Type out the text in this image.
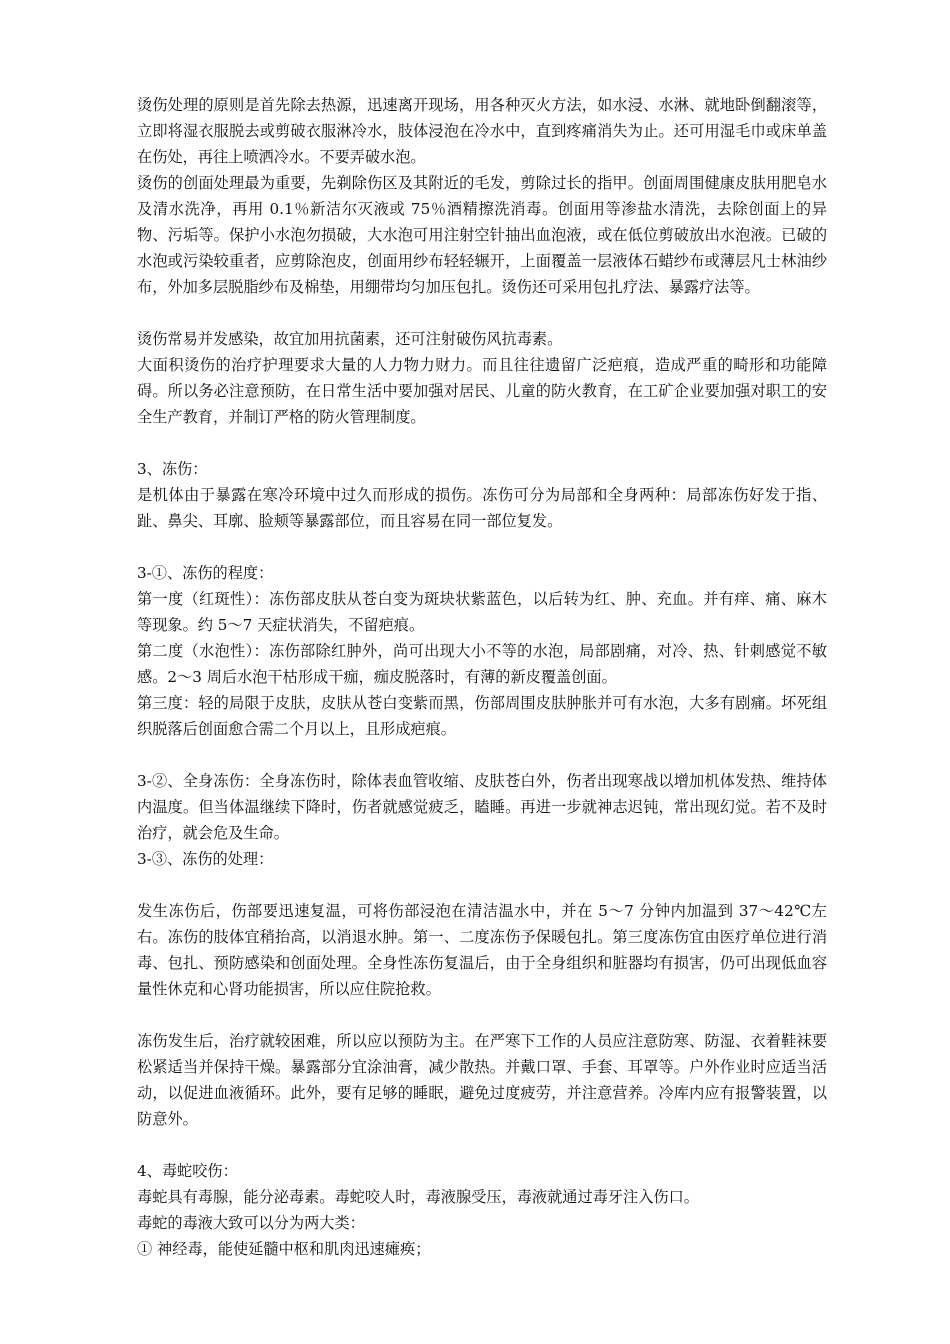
烫伤处理的原则是首先除去热源，迅速离开现场，用各种灭火方法，如水浸、水淋、就地卧倒翻滚等，立即将湿衣服脱去或剪破衣服淋冷水，肢体浸泡在冷水中，直到疼痛消失为止。还可用湿毛巾或床单盖在伤处，再往上喷洒冷水。不要弄破水泡。

烫伤的创面处理最为重要，先剃除伤区及其附近的毛发，剪除过长的指甲。创面周围健康皮肤用肥皂水及清水洗净，再用 0.1％新洁尔灭液或 75％酒精擦洗消毒。创面用等渗盐水清洗，去除创面上的异物、污垢等。保护小水泡勿损破，大水泡可用注射空针抽出血泡液，或在低位剪破放出水泡液。已破的水泡或污染较重者，应剪除泡皮，创面用纱布轻轻辗开，上面覆盖一层液体石蜡纱布或薄层凡士林油纱布，外加多层脱脂纱布及棉垫，用绷带均匀加压包扎。烫伤还可采用包扎疗法、暴露疗法等。

烫伤常易并发感染，故宜加用抗菌素，还可注射破伤风抗毒素。

大面积烫伤的治疗护理要求大量的人力物力财力。而且往往遗留广泛疤痕，造成严重的畸形和功能障碍。所以务必注意预防，在日常生活中要加强对居民、儿童的防火教育，在工矿企业要加强对职工的安全生产教育，并制订严格的防火管理制度。

3、冻伤：

是机体由于暴露在寒冷环境中过久而形成的损伤。冻伤可分为局部和全身两种：局部冻伤好发于指、趾、鼻尖、耳廓、脸颊等暴露部位，而且容易在同一部位复发。

3-①、冻伤的程度：

第一度（红斑性）：冻伤部皮肤从苍白变为斑块状紫蓝色，以后转为红、肿、充血。并有痒、痛、麻木等现象。约 5～7 天症状消失，不留疤痕。

第二度（水泡性）：冻伤部除红肿外，尚可出现大小不等的水泡，局部剧痛，对冷、热、针刺感觉不敏感。2～3 周后水泡干枯形成干痂，痂皮脱落时，有薄的新皮覆盖创面。

第三度：轻的局限于皮肤，皮肤从苍白变紫而黑，伤部周围皮肤肿胀并可有水泡，大多有剧痛。坏死组织脱落后创面愈合需二个月以上，且形成疤痕。

3-②、全身冻伤：全身冻伤时，除体表血管收缩、皮肤苍白外，伤者出现寒战以增加机体发热、维持体内温度。但当体温继续下降时，伤者就感觉疲乏，瞌睡。再进一步就神志迟钝，常出现幻觉。若不及时治疗，就会危及生命。

3-③、冻伤的处理：

发生冻伤后，伤部要迅速复温，可将伤部浸泡在清洁温水中，并在 5～7 分钟内加温到 37～42℃左右。冻伤的肢体宜稍抬高，以消退水肿。第一、二度冻伤予保暖包扎。第三度冻伤宜由医疗单位进行消毒、包扎、预防感染和创面处理。全身性冻伤复温后，由于全身组织和脏器均有损害，仍可出现低血容量性休克和心肾功能损害，所以应住院抢救。

冻伤发生后，治疗就较困难，所以应以预防为主。在严寒下工作的人员应注意防寒、防湿、衣着鞋袜要松紧适当并保持干燥。暴露部分宜涂油膏，减少散热。并戴口罩、手套、耳罩等。户外作业时应适当活动，以促进血液循环。此外，要有足够的睡眠，避免过度疲劳，并注意营养。冷库内应有报警装置，以防意外。

4、毒蛇咬伤：

毒蛇具有毒腺，能分泌毒素。毒蛇咬人时，毒液腺受压，毒液就通过毒牙注入伤口。

毒蛇的毒液大致可以分为两大类：

① 神经毒，能使延髓中枢和肌肉迅速瘫痪；
